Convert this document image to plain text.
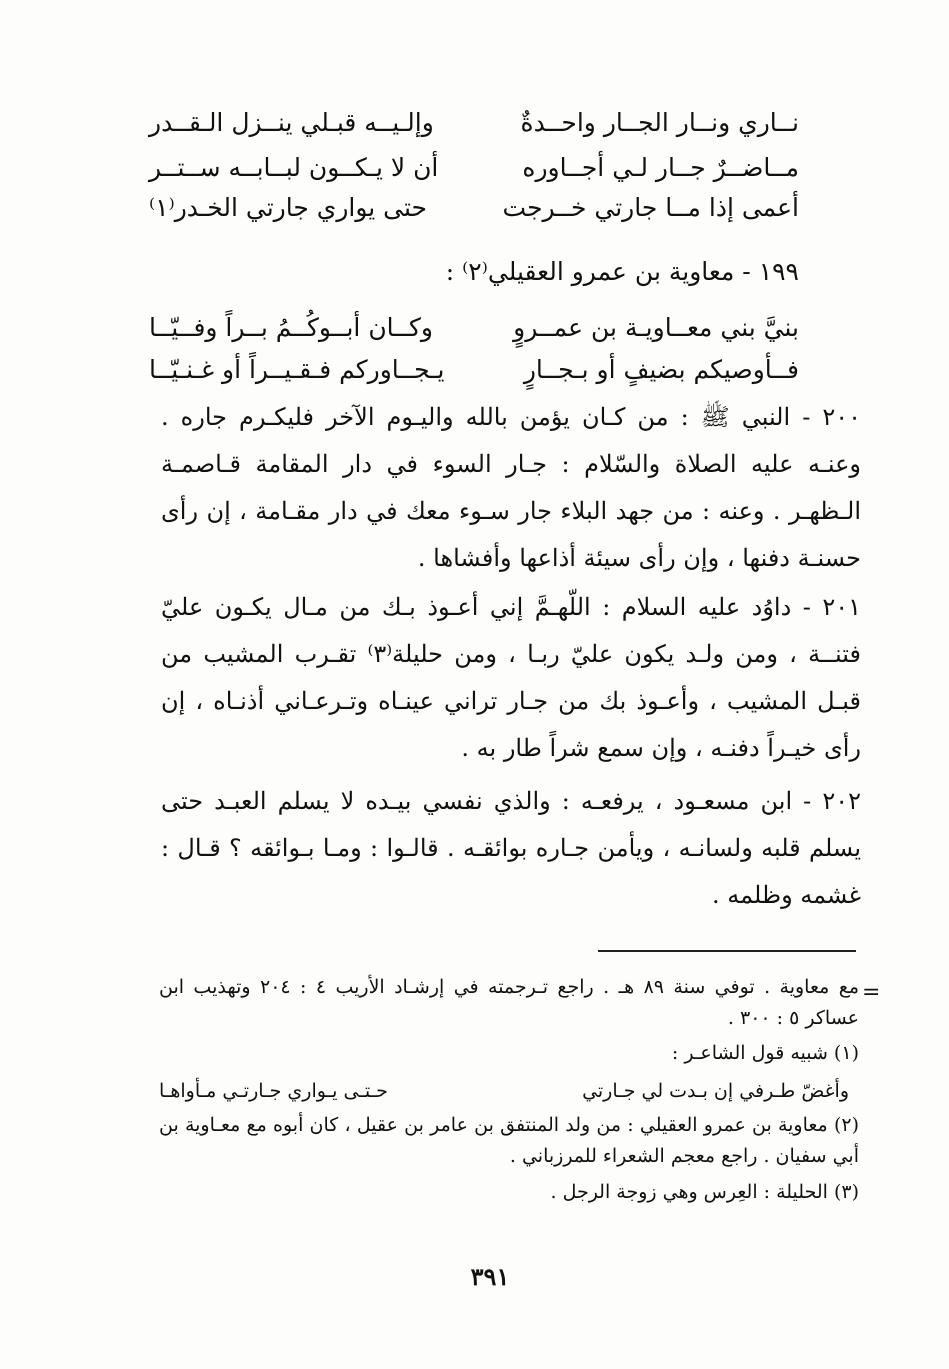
نــاري ونــار الجــار واحــدةٌ
وإلـيــه قبـلي ينــزل الـقــدر
مــاضــرٌ جــار لـي أجــاوره
أن لا يـكــون لبــابــه ســتــر
أعمى إذا مــا جارتي خــرجت
حتى يواري جارتي الخـدر⁽١⁾
١٩٩ - معاوية بن عمرو العقيلي⁽٢⁾ :
بنيَّ بني معــاويـة بن عمــروٍ
وكــان أبــوكُــمُ بــراً وفــيّــا
فــأوصيكم بضيفٍ أو بـجــارٍ
يـجــاوركم فـقـيــراً أو غـنـيّــا

٢٠٠ - النبي ﷺ : من كـان يؤمن بالله واليـوم الآخر فليكـرم جاره . وعنـه عليه الصلاة والسّلام : جـار السوء في دار المقامة قـاصمـة الـظهـر . وعنه : من جهد البلاء جار سـوء معك في دار مقـامة ، إن رأى حسنـة دفنها ، وإن رأى سيئة أذاعها وأفشاها .

٢٠١ - داوُد عليه السلام : اللّهـمَّ إني أعـوذ بـك من مـال يكـون عليّ فتنــة ، ومن ولـد يكون عليّ ربـا ، ومن حليلة⁽٣⁾ تقـرب المشيب من قبـل المشيب ، وأعـوذ بك من جـار تراني عينـاه وتـرعـاني أذنـاه ، إن رأى خيـراً دفنـه ، وإن سمع شراً طار به .

٢٠٢ - ابن مسعـود ، يرفعـه : والذي نفسي بيـده لا يسلم العبـد حتى يسلم قلبه ولسانـه ، ويأمن جـاره بوائقـه . قالـوا : ومـا بـوائقه ؟ قـال : غشمه وظلمه .

=

مع معاوية . توفي سنة ٨٩ هـ . راجع تـرجمته في إرشـاد الأريب ٤ : ٢٠٤ وتهذيب ابن عساكر ٥ : ٣٠٠ .

(١) شبيه قول الشاعـر :

وأغضّ طـرفي إن بـدت لي جـارتي
حـتـى يـواري جـارتـي مـأواهـا

(٢) معاوية بن عمرو العقيلي : من ولد المنتفق بن عامر بن عقيل ، كان أبوه مع معـاوية بن أبي سفيان . راجع معجم الشعراء للمرزباني .

(٣) الحليلة : العِرس وهي زوجة الرجل .

٣٩١
